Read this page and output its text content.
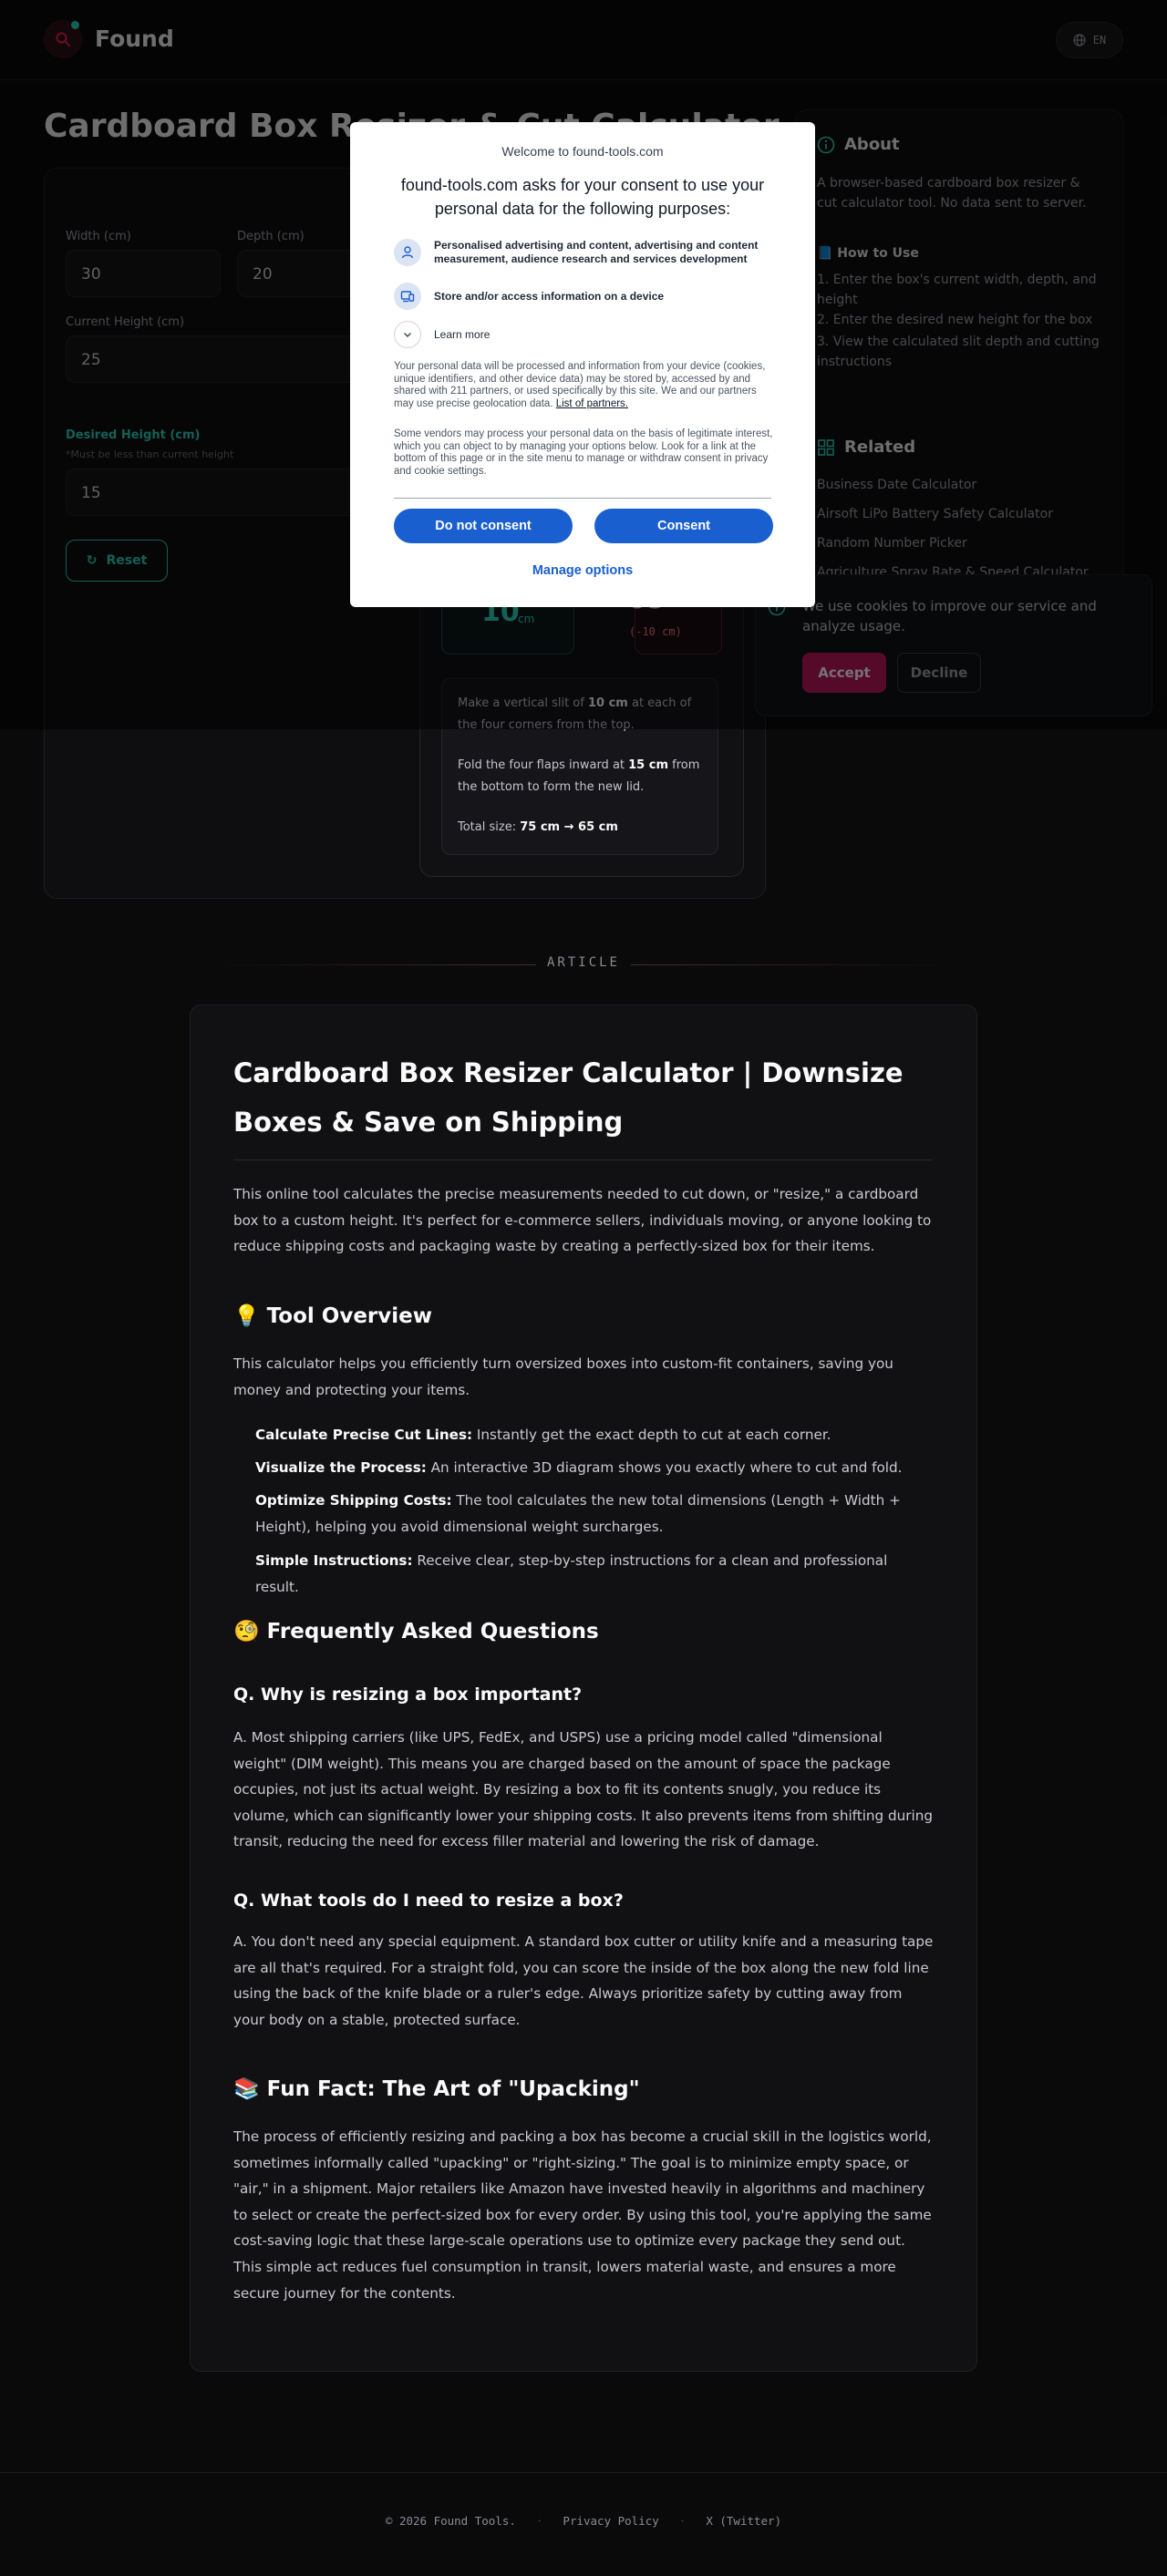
Fold the four flaps inward at 15 cm from the bottom to form the new lid.
Total size: 75 cm → 65 cm
Welcome to found-tools.com
found-tools.com asks for your consent to use your personal data for the following purposes:
Personalised advertising and content, advertising and content measurement, audience research and services development
Store and/or access information on a device
Learn more
Your personal data will be processed and information from your device (cookies, unique identifiers, and other device data) may be stored by, accessed by and shared with 211 partners, or used specifically by this site. We and our partners may use precise geolocation data. List of partners.
Some vendors may process your personal data on the basis of legitimate interest, which you can object to by managing your options below. Look for a link at the bottom of this page or in the site menu to manage or withdraw consent in privacy and cookie settings.
Do not consent	Consent
Manage options
ARTICLE
Cardboard Box Resizer Calculator | Downsize Boxes & Save on Shipping
This online tool calculates the precise measurements needed to cut down, or "resize," a cardboard box to a custom height. It's perfect for e-commerce sellers, individuals moving, or anyone looking to reduce shipping costs and packaging waste by creating a perfectly-sized box for their items.
💡 Tool Overview
This calculator helps you efficiently turn oversized boxes into custom-fit containers, saving you money and protecting your items.
Calculate Precise Cut Lines: Instantly get the exact depth to cut at each corner.
Visualize the Process: An interactive 3D diagram shows you exactly where to cut and fold.
Optimize Shipping Costs: The tool calculates the new total dimensions (Length + Width + Height), helping you avoid dimensional weight surcharges.
Simple Instructions: Receive clear, step-by-step instructions for a clean and professional result.
🧐 Frequently Asked Questions
Q. Why is resizing a box important?
A. Most shipping carriers (like UPS, FedEx, and USPS) use a pricing model called "dimensional weight" (DIM weight). This means you are charged based on the amount of space the package occupies, not just its actual weight. By resizing a box to fit its contents snugly, you reduce its volume, which can significantly lower your shipping costs. It also prevents items from shifting during transit, reducing the need for excess filler material and lowering the risk of damage.
Q. What tools do I need to resize a box?
A. You don't need any special equipment. A standard box cutter or utility knife and a measuring tape are all that's required. For a straight fold, you can score the inside of the box along the new fold line using the back of the knife blade or a ruler's edge. Always prioritize safety by cutting away from your body on a stable, protected surface.
📚 Fun Fact: The Art of "Upacking"
The process of efficiently resizing and packing a box has become a crucial skill in the logistics world, sometimes informally called "upacking" or "right-sizing." The goal is to minimize empty space, or "air," in a shipment. Major retailers like Amazon have invested heavily in algorithms and machinery to select or create the perfect-sized box for every order. By using this tool, you're applying the same cost-saving logic that these large-scale operations use to optimize every package they send out. This simple act reduces fuel consumption in transit, lowers material waste, and ensures a more secure journey for the contents.
© 2026 Found Tools. · Privacy Policy · X (Twitter)
